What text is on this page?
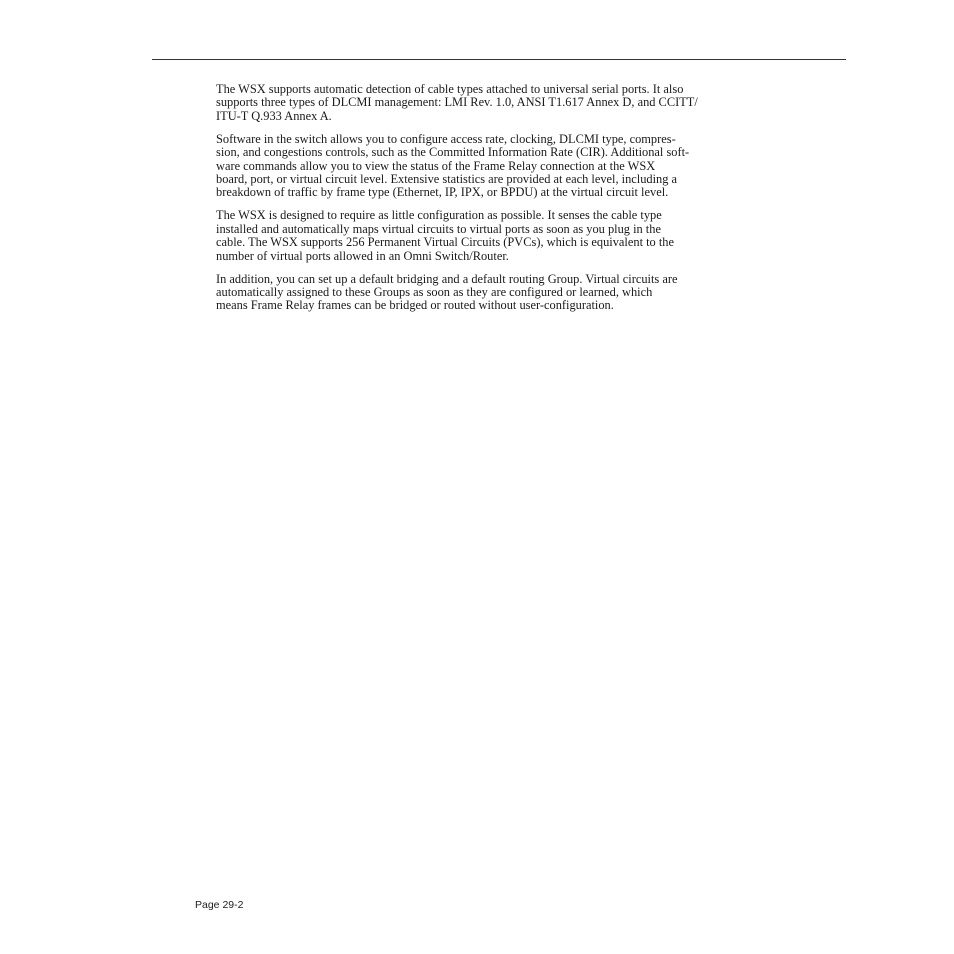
The WSX supports automatic detection of cable types attached to universal serial ports. It also
supports three types of DLCMI management: LMI Rev. 1.0, ANSI T1.617 Annex D, and CCITT/
ITU-T Q.933 Annex A.

Software in the switch allows you to configure access rate, clocking, DLCMI type, compres-
sion, and congestions controls, such as the Committed Information Rate (CIR). Additional soft-
ware commands allow you to view the status of the Frame Relay connection at the WSX
board, port, or virtual circuit level. Extensive statistics are provided at each level, including a
breakdown of traffic by frame type (Ethernet, IP, IPX, or BPDU) at the virtual circuit level.

The WSX is designed to require as little configuration as possible. It senses the cable type
installed and automatically maps virtual circuits to virtual ports as soon as you plug in the
cable. The WSX supports 256 Permanent Virtual Circuits (PVCs), which is equivalent to the
number of virtual ports allowed in an Omni Switch/Router.

In addition, you can set up a default bridging and a default routing Group. Virtual circuits are
automatically assigned to these Groups as soon as they are configured or learned, which
means Frame Relay frames can be bridged or routed without user-configuration.

Page 29-2
